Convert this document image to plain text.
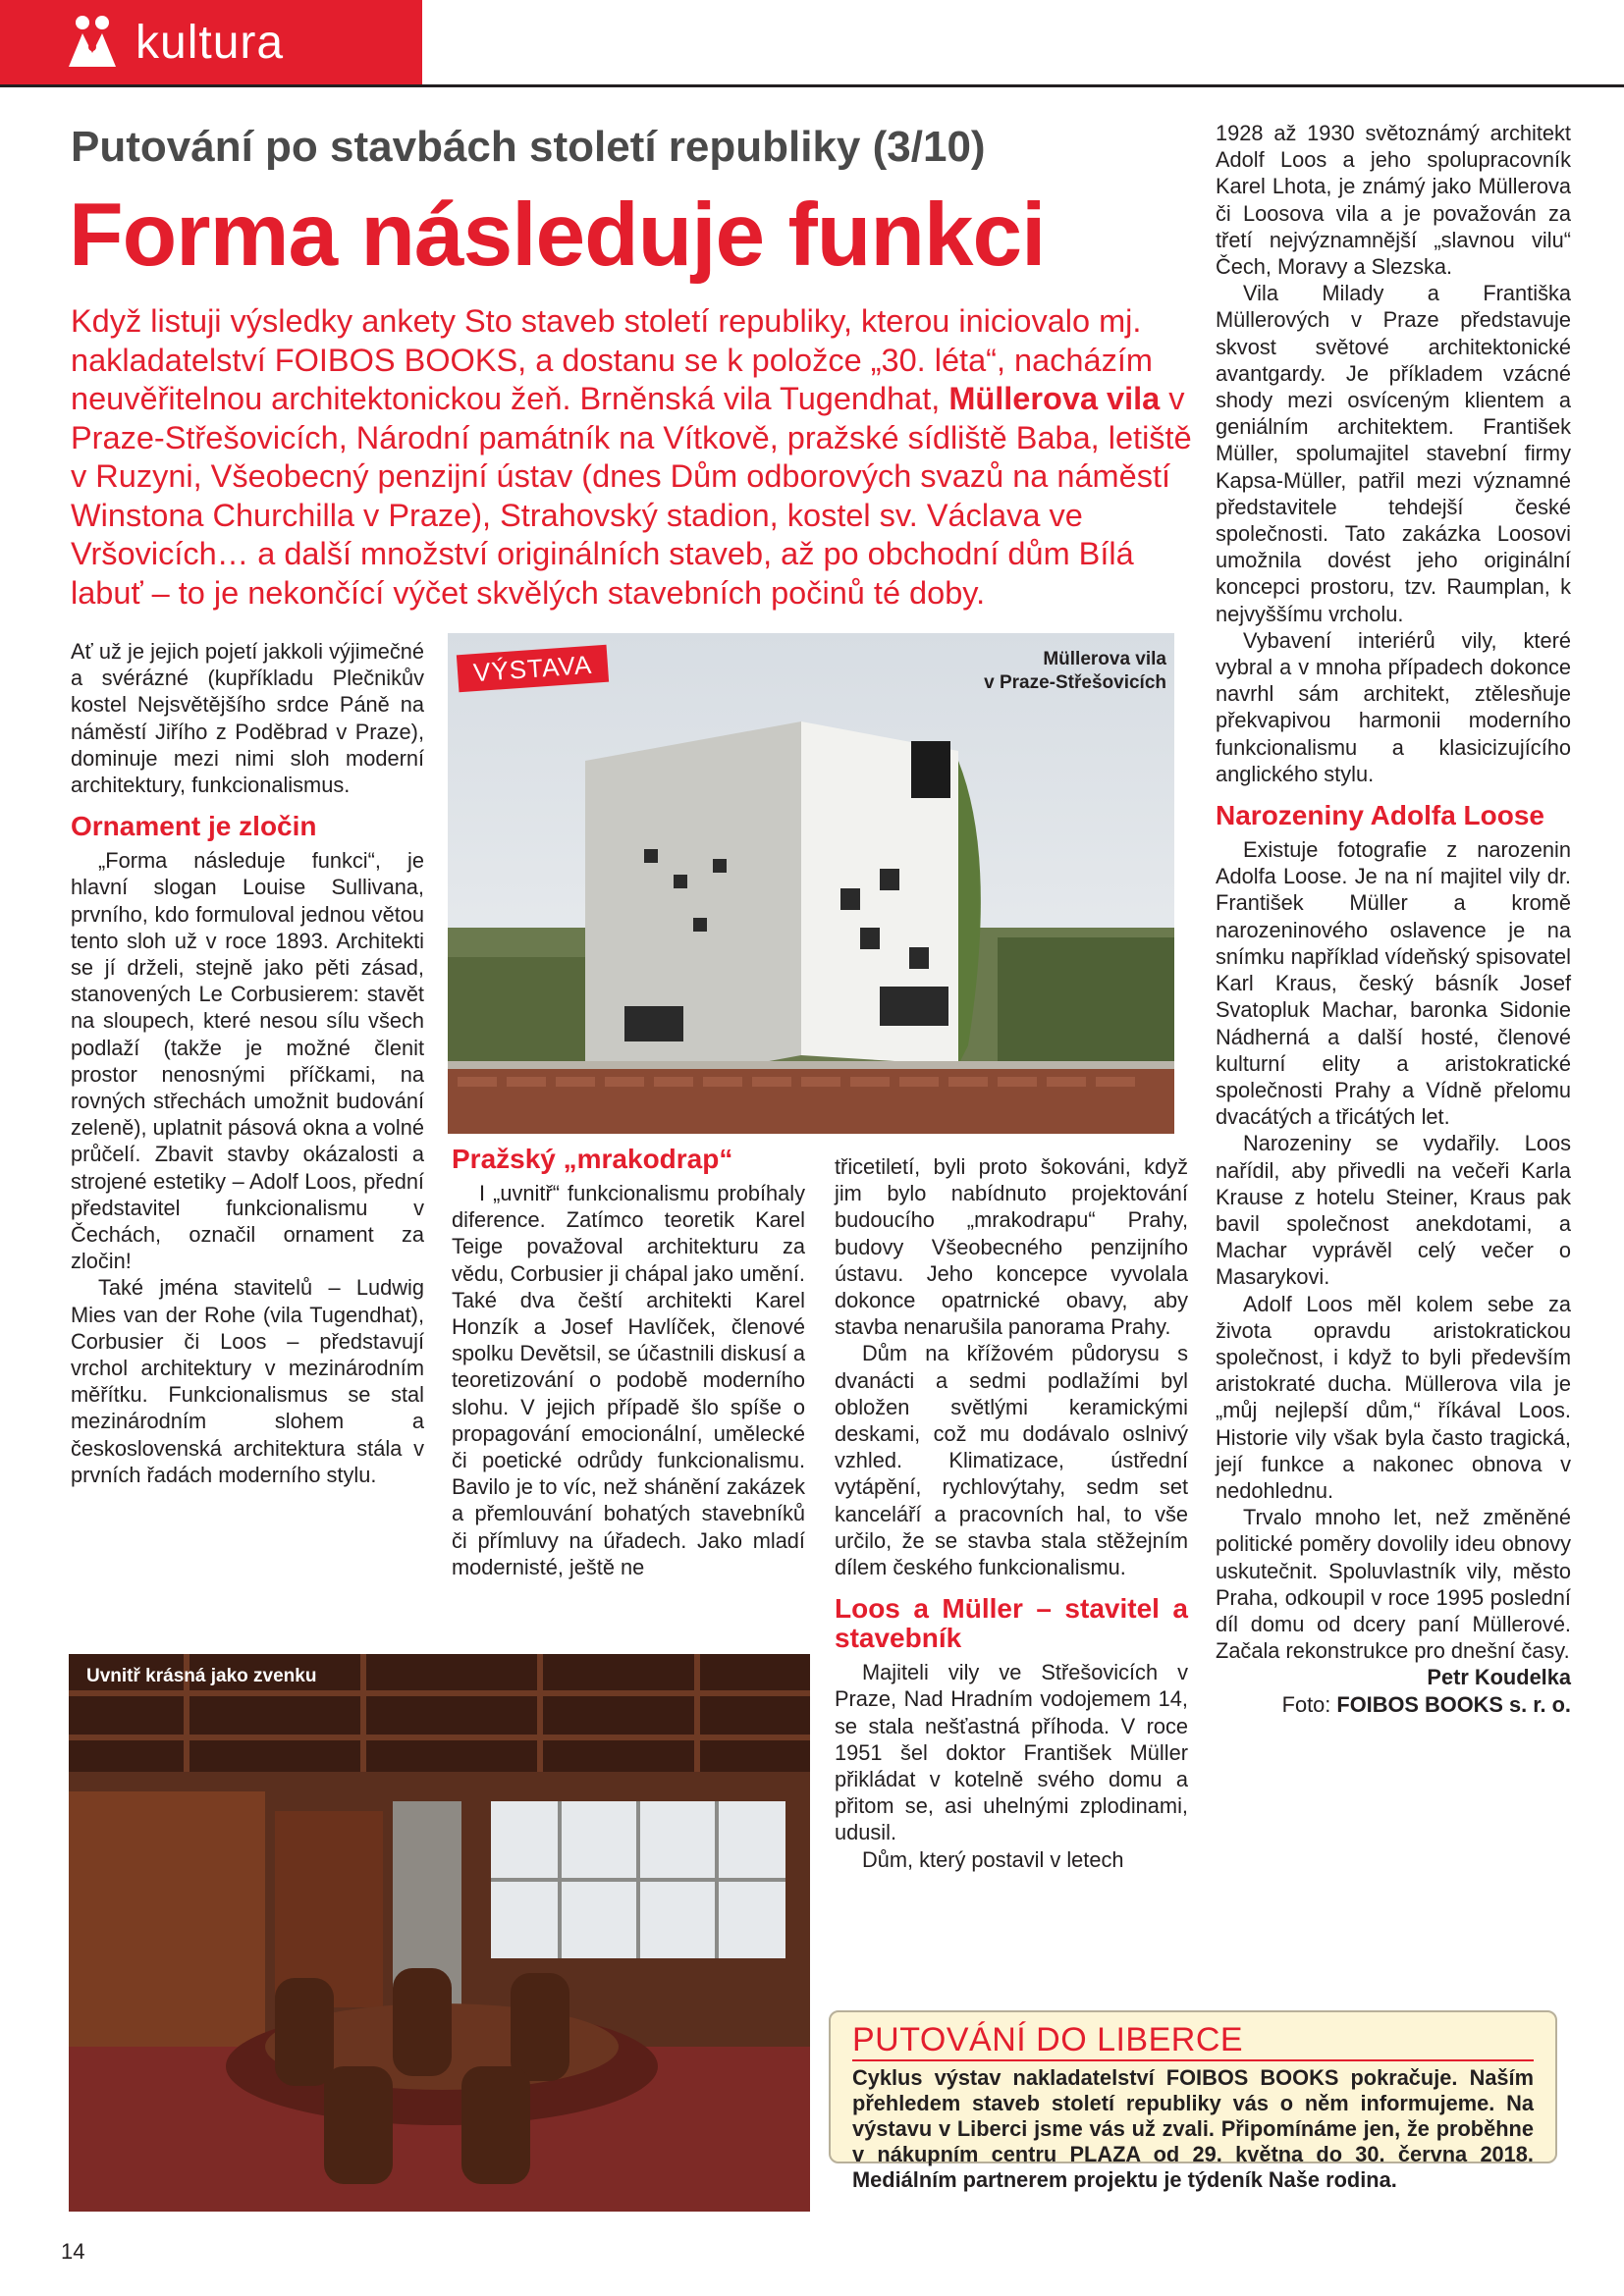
kultura
Putování po stavbách století republiky (3/10)
Forma následuje funkci
Když listuji výsledky ankety Sto staveb století republiky, kterou iniciovalo mj. nakladatelství FOIBOS BOOKS, a dostanu se k položce „30. léta“, nacházím neuvěřitelnou architektonickou žeň. Brněnská vila Tugendhat, Müllerova vila v Praze-Střešovicích, Národní památník na Vítkově, pražské sídliště Baba, letiště v Ruzyni, Všeobecný penzijní ústav (dnes Dům odborových svazů na náměstí Winstona Churchilla v Praze), Strahovský stadion, kostel sv. Václava ve Vršovicích… a další množství originálních staveb, až po obchodní dům Bílá labuť – to je nekončící výčet skvělých stavebních počinů té doby.

Ať už je jejich pojetí jakkoli výjimečné a svérázné (kupříkladu Plečnikův kostel Nejsvětějšího srdce Páně na náměstí Jiřího z Poděbrad v Praze), dominuje mezi nimi sloh moderní architektury, funkcionalismus.

Ornament je zločin

„Forma následuje funkci“, je hlavní slogan Louise Sullivana, prvního, kdo formuloval jednou větou tento sloh už v roce 1893. Architekti se jí drželi, stejně jako pěti zásad, stanovených Le Corbusierem: stavět na sloupech, které nesou sílu všech podlaží (takže je možné členit prostor nenosnými příčkami, na rovných střechách umožnit budování zeleně), uplatnit pásová okna a volné průčelí. Zbavit stavby okázalosti a strojené estetiky – Adolf Loos, přední představitel funkcionalismu v Čechách, označil ornament za zločin!

Také jména stavitelů – Ludwig Mies van der Rohe (vila Tugendhat), Corbusier či Loos – představují vrchol architektury v mezinárodním měřítku. Funkcionalismus se stal mezinárodním slohem a československá architektura stála v prvních řadách moderního stylu.

VÝSTAVA	Müllerova vila
v Praze-Střešovicích
Pražský „mrakodrap“

I „uvnitř“ funkcionalismu probíhaly diference. Zatímco teoretik Karel Teige považoval architekturu za vědu, Corbusier ji chápal jako umění. Také dva čeští architekti Karel Honzík a Josef Havlíček, členové spolku Devětsil, se účastnili diskusí a teoretizování o podobě moderního slohu. V jejich případě šlo spíše o propagování emocionální, umělecké či poetické odrůdy funkcionalismu. Bavilo je to víc, než shánění zakázek a přemlouvání bohatých stavebníků či přímluvy na úřadech. Jako mladí modernisté, ještě ne

třicetiletí, byli proto šokováni, když jim bylo nabídnuto projektování budoucího „mrakodrapu“ Prahy, budovy Všeobecného penzijního ústavu. Jeho koncepce vyvolala dokonce opatrnické obavy, aby stavba nenarušila panorama Prahy.

Dům na křížovém půdorysu s dvanácti a sedmi podlažími byl obložen světlými keramickými deskami, což mu dodávalo oslnivý vzhled. Klimatizace, ústřední vytápění, rychlovýtahy, sedm set kanceláří a pracovních hal, to vše určilo, že se stavba stala stěžejním dílem českého funkcionalismu.

Loos a Müller – stavitel a stavebník

Majiteli vily ve Střešovicích v Praze, Nad Hradním vodojemem 14, se stala nešťastná příhoda. V roce 1951 šel doktor František Müller přikládat v kotelně svého domu a přitom se, asi uhelnými zplodinami, udusil.

Dům, který postavil v letech

Uvnitř krásná jako zvenku

1928 až 1930 světoznámý architekt Adolf Loos a jeho spolupracovník Karel Lhota, je známý jako Müllerova či Loosova vila a je považován za třetí nejvýznamnější „slavnou vilu“ Čech, Moravy a Slezska.

Vila Milady a Františka Müllerových v Praze představuje skvost světové architektonické avantgardy. Je příkladem vzácné shody mezi osvíceným klientem a geniálním architektem. František Müller, spolumajitel stavební firmy Kapsa-Müller, patřil mezi významné představitele tehdejší české společnosti. Tato zakázka Loosovi umožnila dovést jeho originální koncepci prostoru, tzv. Raumplan, k nejvyššímu vrcholu.

Vybavení interiérů vily, které vybral a v mnoha případech dokonce navrhl sám architekt, ztělesňuje překvapivou harmonii moderního funkcionalismu a klasicizujícího anglického stylu.

Narozeniny Adolfa Loose

Existuje fotografie z narozenin Adolfa Loose. Je na ní majitel vily dr. František Müller a kromě narozeninového oslavence je na snímku například vídeňský spisovatel Karl Kraus, český básník Josef Svatopluk Machar, baronka Sidonie Nádherná a další hosté, členové kulturní elity a aristokratické společnosti Prahy a Vídně přelomu dvacátých a třicátých let.

Narozeniny se vydařily. Loos nařídil, aby přivedli na večeři Karla Krause z hotelu Steiner, Kraus pak bavil společnost anekdotami, a Machar vyprávěl celý večer o Masarykovi.

Adolf Loos měl kolem sebe za života opravdu aristokratickou společnost, i když to byli především aristokraté ducha. Müllerova vila je „můj nejlepší dům,“ říkával Loos. Historie vily však byla často tragická, její funkce a nakonec obnova v nedohlednu.

Trvalo mnoho let, než změněné politické poměry dovolily ideu obnovy uskutečnit. Spoluvlastník vily, město Praha, odkoupil v roce 1995 poslední díl domu od dcery paní Müllerové. Začala rekonstrukce pro dnešní časy.

Petr Koudelka

Foto: FOIBOS BOOKS s. r. o.

PUTOVÁNÍ DO LIBERCE
Cyklus výstav nakladatelství FOIBOS BOOKS pokračuje. Naším přehledem staveb století republiky vás o něm informujeme. Na výstavu v Liberci jsme vás už zvali. Připomínáme jen, že proběhne v nákupním centru PLAZA od 29. května do 30. června 2018. Mediálním partnerem projektu je týdeník Naše rodina.
14
